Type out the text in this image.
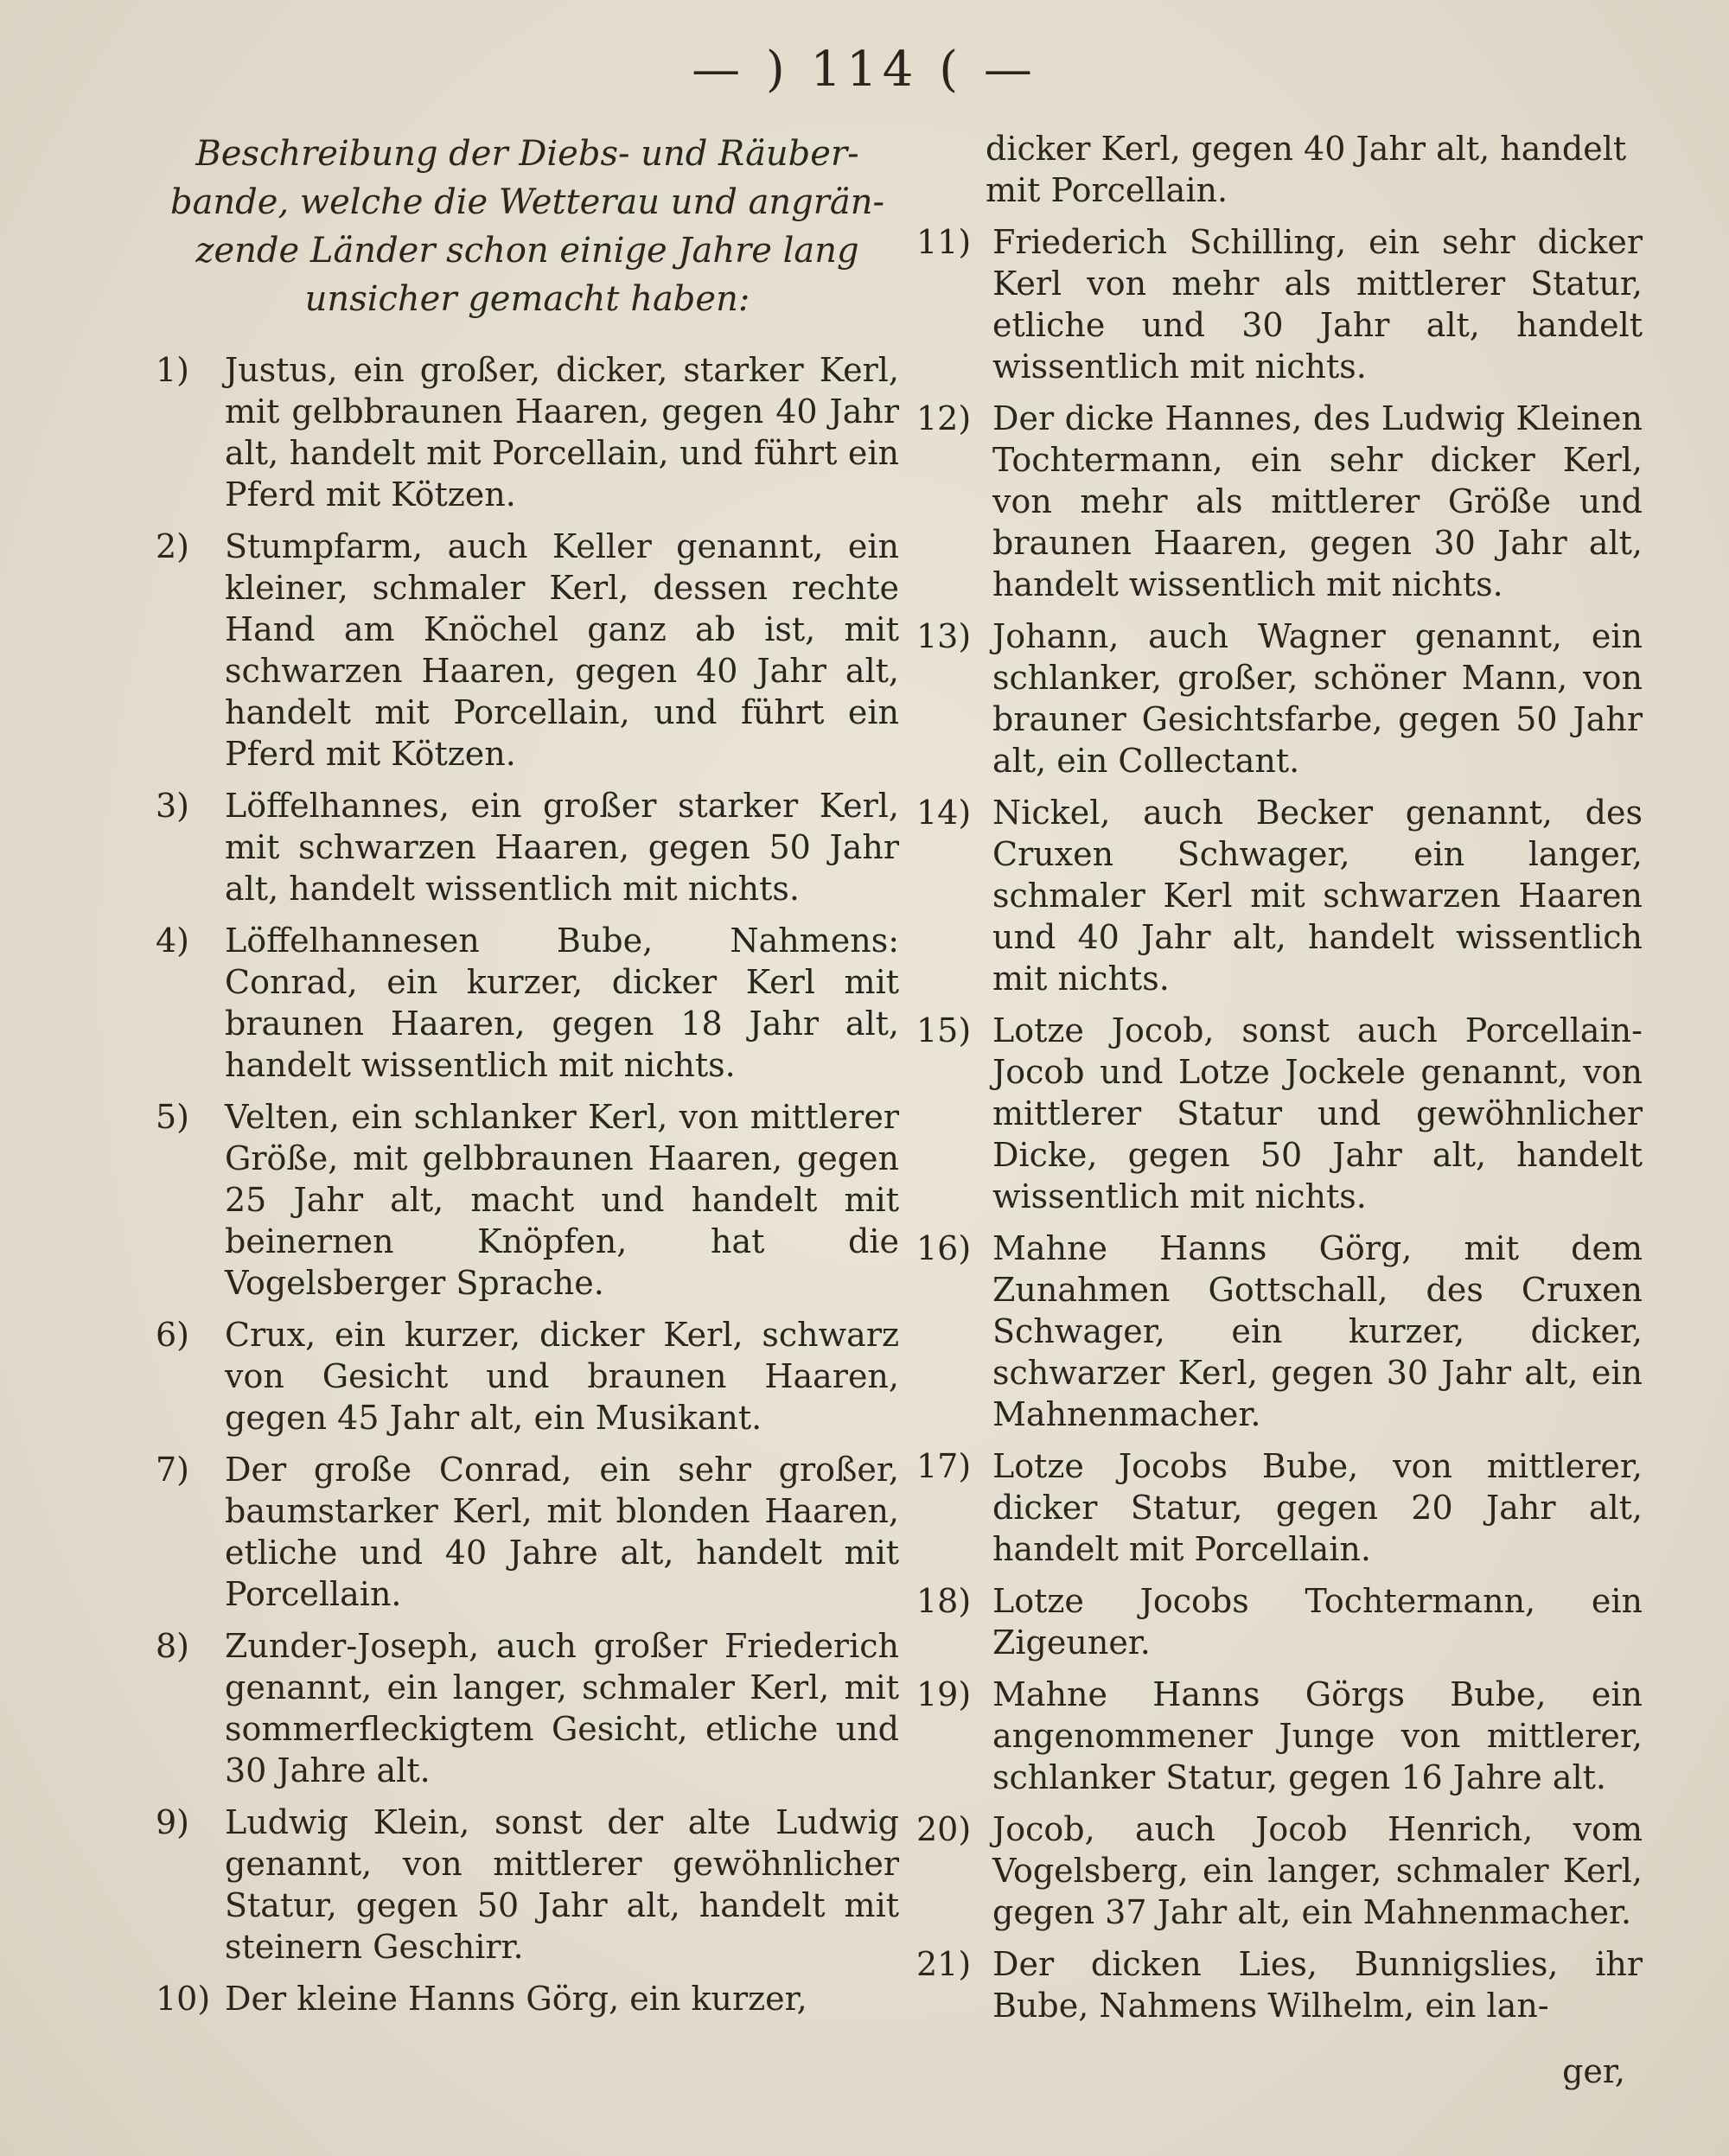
— ) 114 ( —
Beschreibung der Diebs- und Räuber-
bande, welche die Wetterau und angrän-
zende Länder schon einige Jahre lang
unsicher gemacht haben:
1) Justus, ein großer, dicker, starker Kerl, mit gelbbraunen Haaren, gegen 40 Jahr alt, handelt mit Porcellain, und führt ein Pferd mit Kötzen.
2) Stumpfarm, auch Keller genannt, ein kleiner, schmaler Kerl, dessen rechte Hand am Knöchel ganz ab ist, mit schwarzen Haaren, gegen 40 Jahr alt, handelt mit Porcellain, und führt ein Pferd mit Kötzen.
3) Löffelhannes, ein großer starker Kerl, mit schwarzen Haaren, gegen 50 Jahr alt, handelt wissentlich mit nichts.
4) Löffelhannesen Bube, Nahmens: Conrad, ein kurzer, dicker Kerl mit braunen Haaren, gegen 18 Jahr alt, handelt wissentlich mit nichts.
5) Velten, ein schlanker Kerl, von mittlerer Größe, mit gelbbraunen Haaren, gegen 25 Jahr alt, macht und handelt mit beinernen Knöpfen, hat die Vogelsberger Sprache.
6) Crux, ein kurzer, dicker Kerl, schwarz von Gesicht und braunen Haaren, gegen 45 Jahr alt, ein Musikant.
7) Der große Conrad, ein sehr großer, baumstarker Kerl, mit blonden Haaren, etliche und 40 Jahre alt, handelt mit Porcellain.
8) Zunder-Joseph, auch großer Friederich genannt, ein langer, schmaler Kerl, mit sommerfleckigtem Gesicht, etliche und 30 Jahre alt.
9) Ludwig Klein, sonst der alte Ludwig genannt, von mittlerer gewöhnlicher Statur, gegen 50 Jahr alt, handelt mit steinern Geschirr.
10) Der kleine Hanns Görg, ein kurzer,
dicker Kerl, gegen 40 Jahr alt, handelt mit Porcellain.
11) Friederich Schilling, ein sehr dicker Kerl von mehr als mittlerer Statur, etliche und 30 Jahr alt, handelt wissentlich mit nichts.
12) Der dicke Hannes, des Ludwig Kleinen Tochtermann, ein sehr dicker Kerl, von mehr als mittlerer Größe und braunen Haaren, gegen 30 Jahr alt, handelt wissentlich mit nichts.
13) Johann, auch Wagner genannt, ein schlanker, großer, schöner Mann, von brauner Gesichtsfarbe, gegen 50 Jahr alt, ein Collectant.
14) Nickel, auch Becker genannt, des Cruxen Schwager, ein langer, schmaler Kerl mit schwarzen Haaren und 40 Jahr alt, handelt wissentlich mit nichts.
15) Lotze Jocob, sonst auch Porcellain-Jocob und Lotze Jockele genannt, von mittlerer Statur und gewöhnlicher Dicke, gegen 50 Jahr alt, handelt wissentlich mit nichts.
16) Mahne Hanns Görg, mit dem Zunahmen Gottschall, des Cruxen Schwager, ein kurzer, dicker, schwarzer Kerl, gegen 30 Jahr alt, ein Mahnenmacher.
17) Lotze Jocobs Bube, von mittlerer, dicker Statur, gegen 20 Jahr alt, handelt mit Porcellain.
18) Lotze Jocobs Tochtermann, ein Zigeuner.
19) Mahne Hanns Görgs Bube, ein angenommener Junge von mittlerer, schlanker Statur, gegen 16 Jahre alt.
20) Jocob, auch Jocob Henrich, vom Vogelsberg, ein langer, schmaler Kerl, gegen 37 Jahr alt, ein Mahnenmacher.
21) Der dicken Lies, Bunnigslies, ihr Bube, Nahmens Wilhelm, ein lan-
ger,
